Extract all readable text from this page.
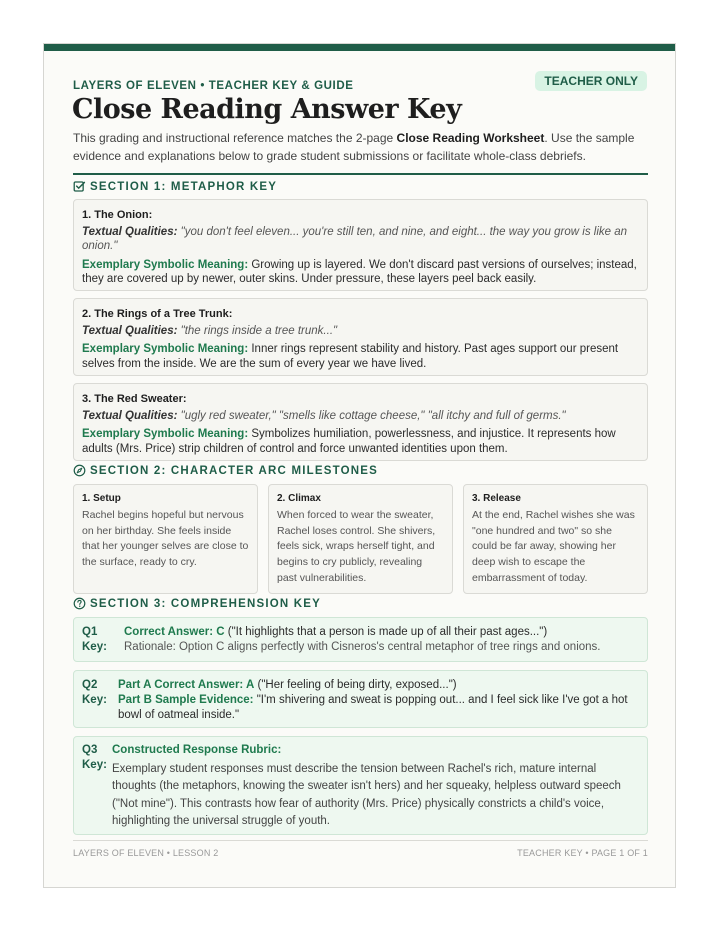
TEACHER ONLY
LAYERS OF ELEVEN • TEACHER KEY & GUIDE
Close Reading Answer Key
This grading and instructional reference matches the 2-page Close Reading Worksheet. Use the sample evidence and explanations below to grade student submissions or facilitate whole-class debriefs.
SECTION 1: METAPHOR KEY
1. The Onion:
Textual Qualities: "you don't feel eleven... you're still ten, and nine, and eight... the way you grow is like an onion."
Exemplary Symbolic Meaning: Growing up is layered. We don't discard past versions of ourselves; instead, they are covered up by newer, outer skins. Under pressure, these layers peel back easily.
2. The Rings of a Tree Trunk:
Textual Qualities: "the rings inside a tree trunk..."
Exemplary Symbolic Meaning: Inner rings represent stability and history. Past ages support our present selves from the inside. We are the sum of every year we have lived.
3. The Red Sweater:
Textual Qualities: "ugly red sweater," "smells like cottage cheese," "all itchy and full of germs."
Exemplary Symbolic Meaning: Symbolizes humiliation, powerlessness, and injustice. It represents how adults (Mrs. Price) strip children of control and force unwanted identities upon them.
SECTION 2: CHARACTER ARC MILESTONES
1. Setup
Rachel begins hopeful but nervous on her birthday. She feels inside that her younger selves are close to the surface, ready to cry.
2. Climax
When forced to wear the sweater, Rachel loses control. She shivers, feels sick, wraps herself tight, and begins to cry publicly, revealing past vulnerabilities.
3. Release
At the end, Rachel wishes she was "one hundred and two" so she could be far away, showing her deep wish to escape the embarrassment of today.
SECTION 3: COMPREHENSION KEY
Q1
Key:
Correct Answer: C ("It highlights that a person is made up of all their past ages...")
Rationale: Option C aligns perfectly with Cisneros's central metaphor of tree rings and onions.
Q2
Key:
Part A Correct Answer: A ("Her feeling of being dirty, exposed...")
Part B Sample Evidence: "I'm shivering and sweat is popping out... and I feel sick like I've got a hot bowl of oatmeal inside."
Q3
Key:
Constructed Response Rubric:
Exemplary student responses must describe the tension between Rachel's rich, mature internal thoughts (the metaphors, knowing the sweater isn't hers) and her squeaky, helpless outward speech ("Not mine"). This contrasts how fear of authority (Mrs. Price) physically constricts a child's voice, highlighting the universal struggle of youth.
LAYERS OF ELEVEN • LESSON 2	TEACHER KEY • PAGE 1 OF 1
